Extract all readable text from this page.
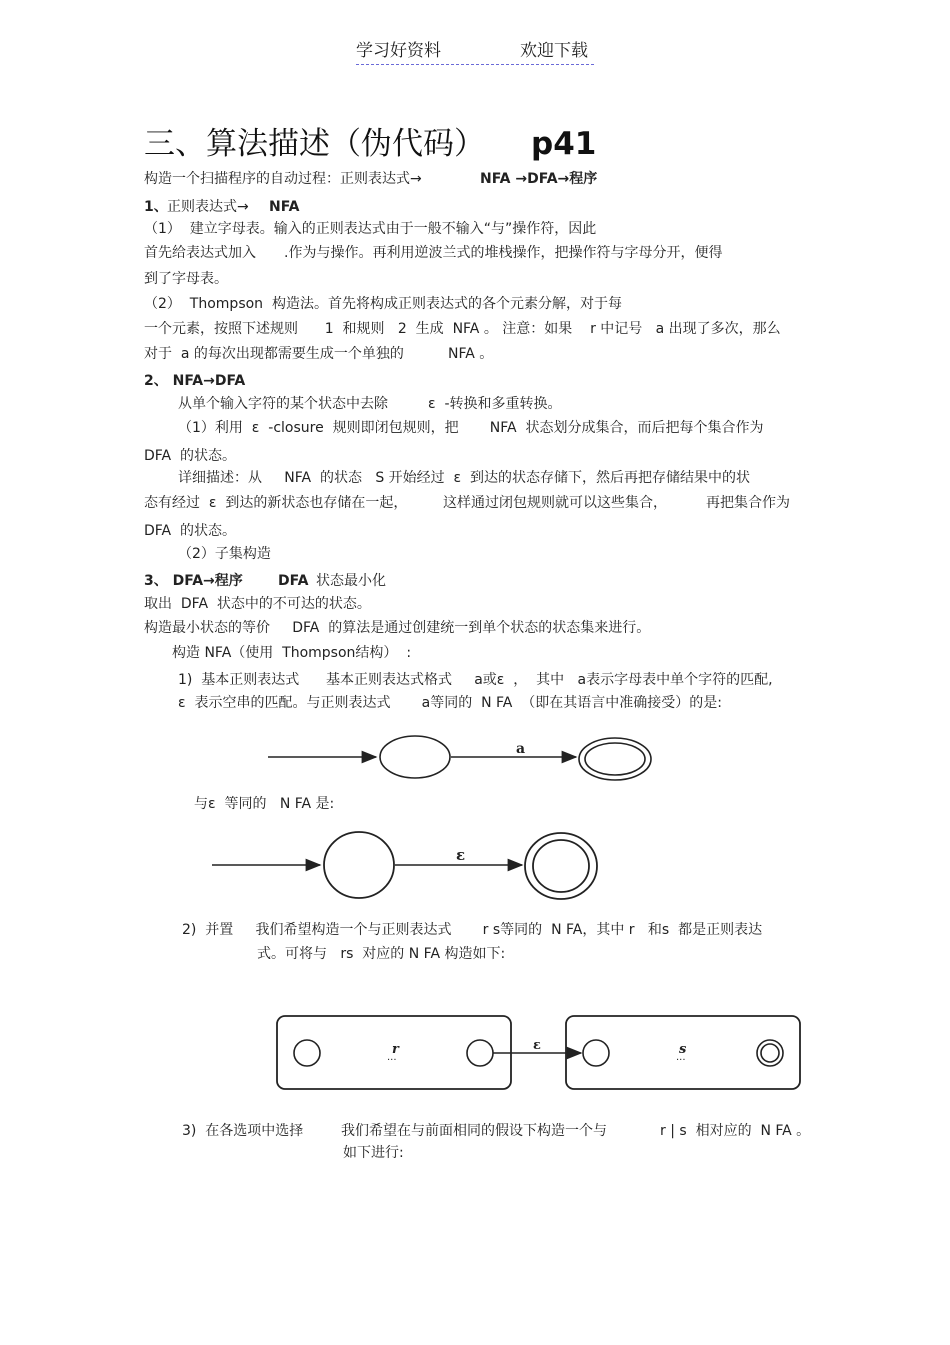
学习好资料	欢迎下载
三、算法描述（伪代码） p41
构造一个扫描程序的自动过程：正则表达式→	NFA →DFA→程序
1、 正则表达式→ NFA
（1）  建立字母表。输入的正则表达式由于一般不输入“与”操作符，因此
首先给表达式加入 .作为与操作。再利用逆波兰式的堆栈操作，把操作符与字母分开，便得
到了字母表。
（2）  Thompson  构造法。首先将构成正则表达式的各个元素分解，对于每
一个元素，按照下述规则      1  和规则   2  生成  NFA 。 注意：如果    r 中记号   a 出现了多次，那么
对于  a 的每次出现都需要生成一个单独的	NFA 。
2、 NFA→DFA
从单个输入字符的某个状态中去除	ε  -转换和多重转换。
（1）利用  ε  -closure  规则即闭包规则，把       NFA  状态划分成集合，而后把每个集合作为
DFA  的状态。
详细描述：从     NFA  的状态   S 开始经过  ε  到达的状态存储下，然后再把存储结果中的状
态有经过  ε  到达的新状态也存储在一起，	这样通过闭包规则就可以这些集合，	再把集合作为
DFA  的状态。
（2）子集构造
3、 DFA→程序	DFA 状态最小化
取出  DFA  状态中的不可达的状态。
构造最小状态的等价     DFA  的算法是通过创建统一到单个状态的状态集来进行。
构造 NFA（使用  Thompson结构）  :
1)  基本正则表达式      基本正则表达式格式     a或ε  ，  其中   a表示字母表中单个字符的匹配,
ε  表示空串的匹配。与正则表达式       a等同的  N FA  （即在其语言中准确接受）的是:
与ε  等同的   N FA 是:
2)  并置     我们希望构造一个与正则表达式       r s等同的  N FA，其中 r   和s  都是正则表达
式。可将与   rs  对应的 N FA 构造如下:
3)  在各选项中选择	我们希望在与前面相同的假设下构造一个与	r | s  相对应的  N FA 。
如下进行:
a
ε
r
···
ε	s
···
